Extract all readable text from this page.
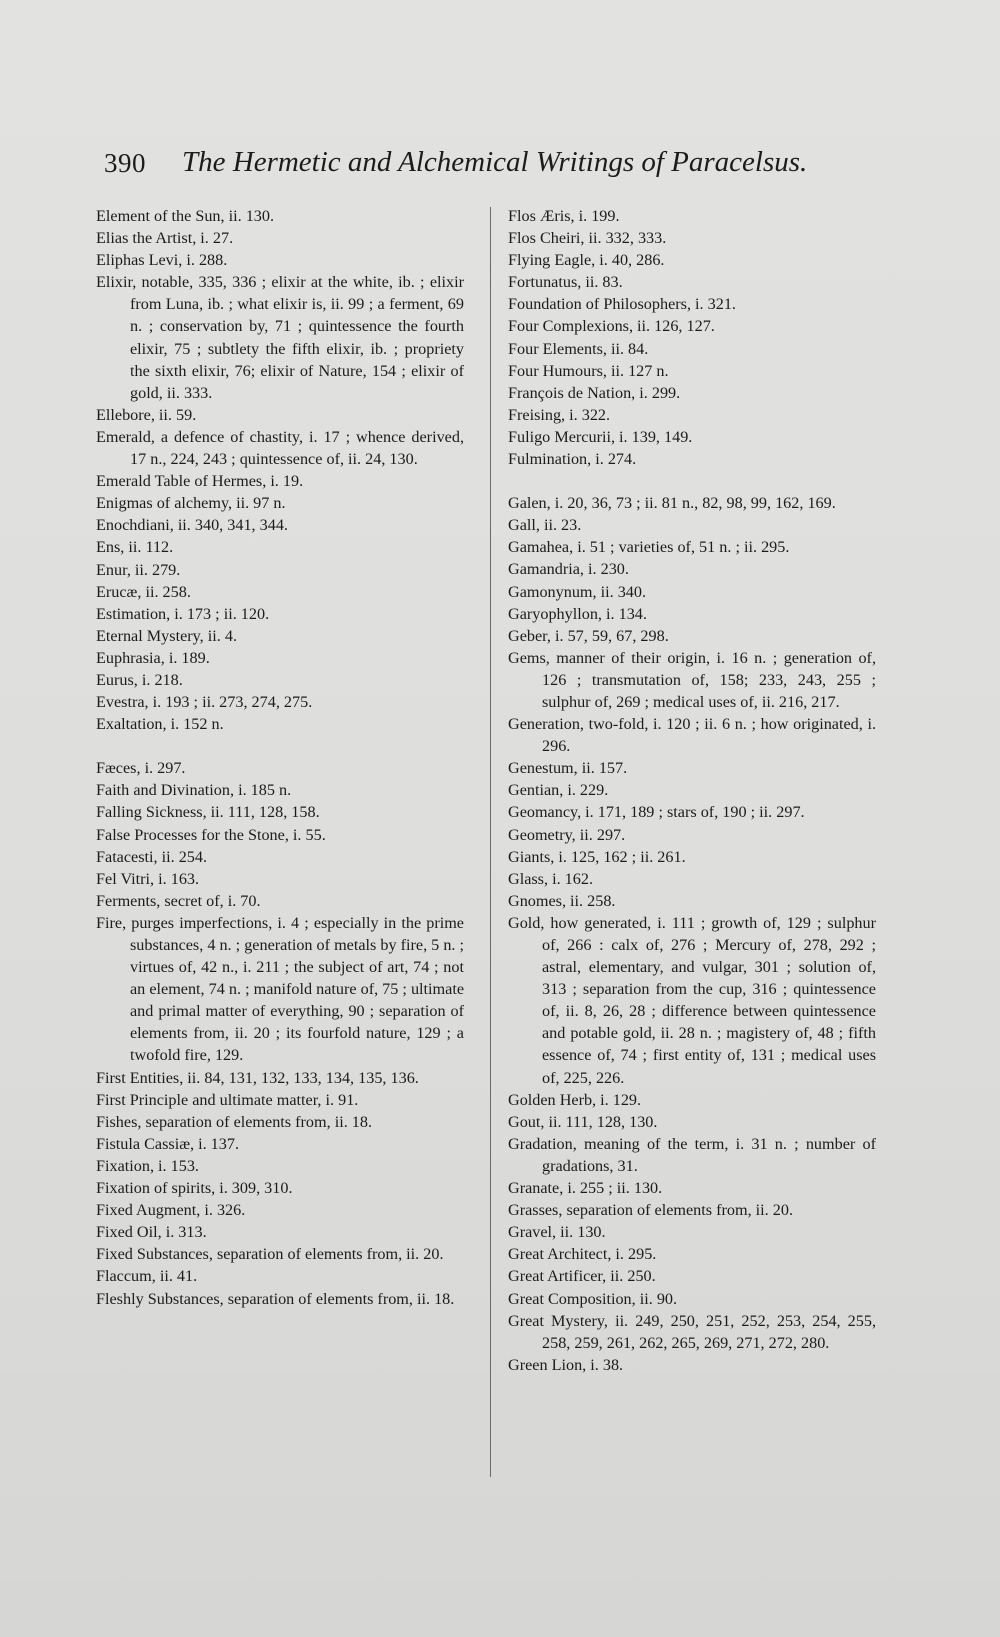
390 The Hermetic and Alchemical Writings of Paracelsus.

Element of the Sun, ii. 130.

Elias the Artist, i. 27.

Eliphas Levi, i. 288.

Elixir, notable, 335, 336 ; elixir at the white, ib. ; elixir from Luna, ib. ; what elixir is, ii. 99 ; a ferment, 69 n. ; conservation by, 71 ; quintessence the fourth elixir, 75 ; subtlety the fifth elixir, ib. ; propriety the sixth elixir, 76; elixir of Nature, 154 ; elixir of gold, ii. 333.

Ellebore, ii. 59.

Emerald, a defence of chastity, i. 17 ; whence derived, 17 n., 224, 243 ; quintessence of, ii. 24, 130.

Emerald Table of Hermes, i. 19.

Enigmas of alchemy, ii. 97 n.

Enochdiani, ii. 340, 341, 344.

Ens, ii. 112.

Enur, ii. 279.

Erucæ, ii. 258.

Estimation, i. 173 ; ii. 120.

Eternal Mystery, ii. 4.

Euphrasia, i. 189.

Eurus, i. 218.

Evestra, i. 193 ; ii. 273, 274, 275.

Exaltation, i. 152 n.

Fæces, i. 297.

Faith and Divination, i. 185 n.

Falling Sickness, ii. 111, 128, 158.

False Processes for the Stone, i. 55.

Fatacesti, ii. 254.

Fel Vitri, i. 163.

Ferments, secret of, i. 70.

Fire, purges imperfections, i. 4 ; especially in the prime substances, 4 n. ; generation of metals by fire, 5 n. ; virtues of, 42 n., i. 211 ; the subject of art, 74 ; not an element, 74 n. ; manifold nature of, 75 ; ultimate and primal matter of everything, 90 ; separation of elements from, ii. 20 ; its fourfold nature, 129 ; a twofold fire, 129.

First Entities, ii. 84, 131, 132, 133, 134, 135, 136.

First Principle and ultimate matter, i. 91.

Fishes, separation of elements from, ii. 18.

Fistula Cassiæ, i. 137.

Fixation, i. 153.

Fixation of spirits, i. 309, 310.

Fixed Augment, i. 326.

Fixed Oil, i. 313.

Fixed Substances, separation of elements from, ii. 20.

Flaccum, ii. 41.

Fleshly Substances, separation of elements from, ii. 18.

Flos Æris, i. 199.

Flos Cheiri, ii. 332, 333.

Flying Eagle, i. 40, 286.

Fortunatus, ii. 83.

Foundation of Philosophers, i. 321.

Four Complexions, ii. 126, 127.

Four Elements, ii. 84.

Four Humours, ii. 127 n.

François de Nation, i. 299.

Freising, i. 322.

Fuligo Mercurii, i. 139, 149.

Fulmination, i. 274.

Galen, i. 20, 36, 73 ; ii. 81 n., 82, 98, 99, 162, 169.

Gall, ii. 23.

Gamahea, i. 51 ; varieties of, 51 n. ; ii. 295.

Gamandria, i. 230.

Gamonynum, ii. 340.

Garyophyllon, i. 134.

Geber, i. 57, 59, 67, 298.

Gems, manner of their origin, i. 16 n. ; generation of, 126 ; transmutation of, 158; 233, 243, 255 ; sulphur of, 269 ; medical uses of, ii. 216, 217.

Generation, two-fold, i. 120 ; ii. 6 n. ; how originated, i. 296.

Genestum, ii. 157.

Gentian, i. 229.

Geomancy, i. 171, 189 ; stars of, 190 ; ii. 297.

Geometry, ii. 297.

Giants, i. 125, 162 ; ii. 261.

Glass, i. 162.

Gnomes, ii. 258.

Gold, how generated, i. 111 ; growth of, 129 ; sulphur of, 266 : calx of, 276 ; Mercury of, 278, 292 ; astral, elementary, and vulgar, 301 ; solution of, 313 ; separation from the cup, 316 ; quintessence of, ii. 8, 26, 28 ; difference between quintessence and potable gold, ii. 28 n. ; magistery of, 48 ; fifth essence of, 74 ; first entity of, 131 ; medical uses of, 225, 226.

Golden Herb, i. 129.

Gout, ii. 111, 128, 130.

Gradation, meaning of the term, i. 31 n. ; number of gradations, 31.

Granate, i. 255 ; ii. 130.

Grasses, separation of elements from, ii. 20.

Gravel, ii. 130.

Great Architect, i. 295.

Great Artificer, ii. 250.

Great Composition, ii. 90.

Great Mystery, ii. 249, 250, 251, 252, 253, 254, 255, 258, 259, 261, 262, 265, 269, 271, 272, 280.

Green Lion, i. 38.
